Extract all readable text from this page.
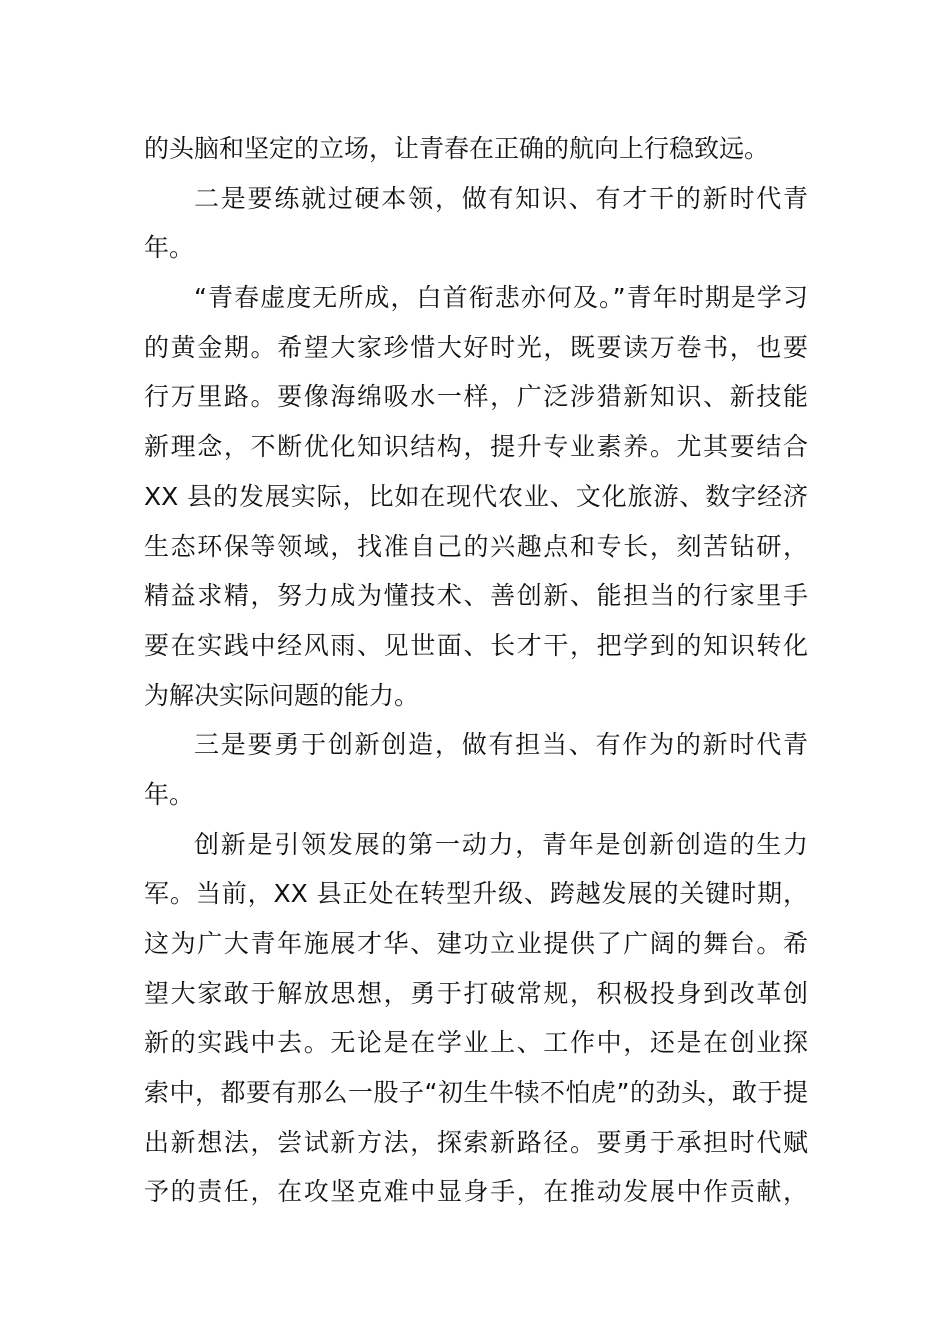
的头脑和坚定的立场，让青春在正确的航向上行稳致远。
二是要练就过硬本领，做有知识、有才干的新时代青
年。
“青春虚度无所成，白首衔悲亦何及。”青年时期是学习
的黄金期。希望大家珍惜大好时光，既要读万卷书，也要
行万里路。要像海绵吸水一样，广泛涉猎新知识、新技能
新理念，不断优化知识结构，提升专业素养。尤其要结合
XX 县的发展实际，比如在现代农业、文化旅游、数字经济
生态环保等领域，找准自己的兴趣点和专长，刻苦钻研，
精益求精，努力成为懂技术、善创新、能担当的行家里手
要在实践中经风雨、见世面、长才干，把学到的知识转化
为解决实际问题的能力。
三是要勇于创新创造，做有担当、有作为的新时代青
年。
创新是引领发展的第一动力，青年是创新创造的生力
军。当前，XX 县正处在转型升级、跨越发展的关键时期，
这为广大青年施展才华、建功立业提供了广阔的舞台。希
望大家敢于解放思想，勇于打破常规，积极投身到改革创
新的实践中去。无论是在学业上、工作中，还是在创业探
索中，都要有那么一股子“初生牛犊不怕虎”的劲头，敢于提
出新想法，尝试新方法，探索新路径。要勇于承担时代赋
予的责任，在攻坚克难中显身手，在推动发展中作贡献，
